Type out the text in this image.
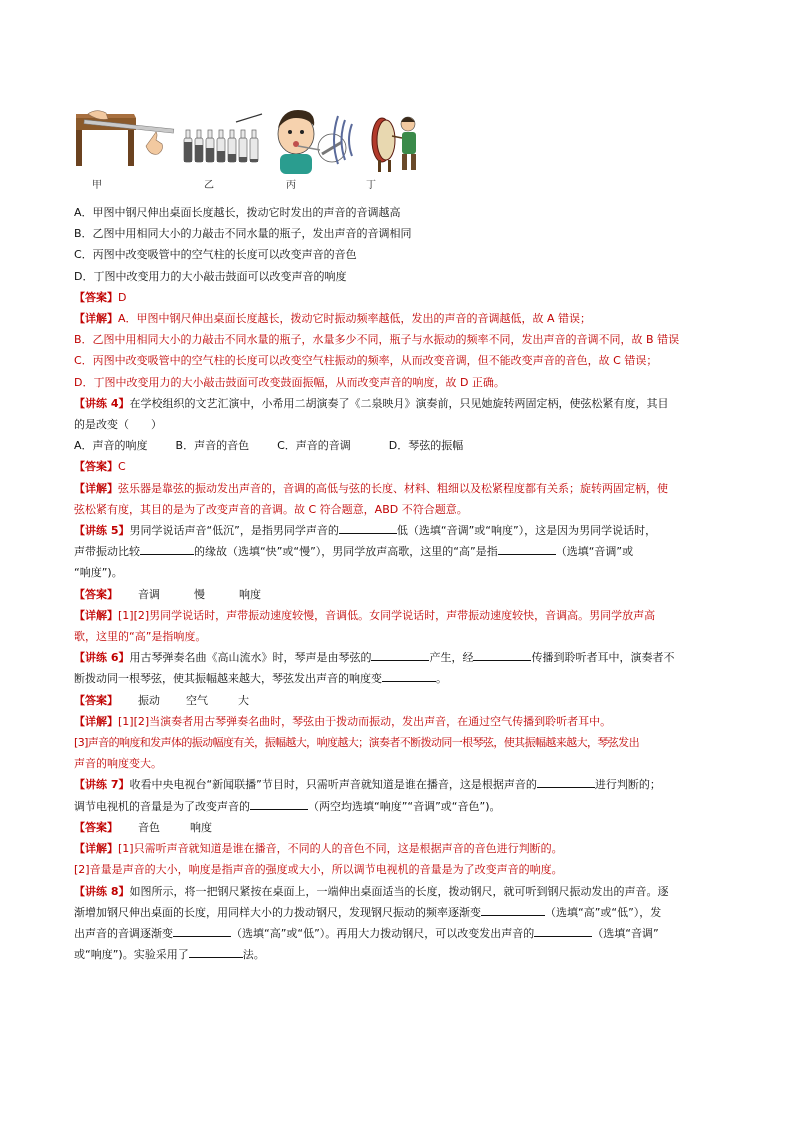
甲	乙	丙	丁
A．甲图中钢尺伸出桌面长度越长，拨动它时发出的声音的音调越高
B．乙图中用相同大小的力敲击不同水量的瓶子，发出声音的音调相同
C．丙图中改变吸管中的空气柱的长度可以改变声音的音色
D．丁图中改变用力的大小敲击鼓面可以改变声音的响度
【答案】D
【详解】A．甲图中钢尺伸出桌面长度越长，拨动它时振动频率越低，发出的声音的音调越低，故 A 错误；
B．乙图中用相同大小的力敲击不同水量的瓶子，水量多少不同，瓶子与水振动的频率不同，发出声音的音调不同，故 B 错误
C．丙图中改变吸管中的空气柱的长度可以改变空气柱振动的频率，从而改变音调，但不能改变声音的音色，故 C 错误；
D．丁图中改变用力的大小敲击鼓面可改变鼓面振幅，从而改变声音的响度，故 D 正确。
【讲练 4】在学校组织的文艺汇演中，小希用二胡演奏了《二泉映月》演奏前，只见她旋转两固定柄，使弦松紧有度，其目
的是改变（　　）
A．声音的响度	B．声音的音色	C．声音的音调	D．琴弦的振幅
【答案】C
【详解】弦乐器是靠弦的振动发出声音的，音调的高低与弦的长度、材料、粗细以及松紧程度都有关系；旋转两固定柄，使
弦松紧有度，其目的是为了改变声音的音调。故 C 符合题意，ABD 不符合题意。
【讲练 5】男同学说话声音“低沉”，是指男同学声音的	低（选填“音调”或“响度”），这是因为男同学说话时，
声带振动比较	的缘故（选填“快”或“慢”），男同学放声高歌，这里的“高”是指	（选填“音调”或
“响度”)。
【答案】 音调	慢	响度
【详解】[1][2]男同学说话时，声带振动速度较慢，音调低。女同学说话时，声带振动速度较快，音调高。男同学放声高
歌，这里的“高”是指响度。
【讲练 6】用古琴弹奏名曲《高山流水》时，琴声是由琴弦的	产生，经	传播到聆听者耳中，演奏者不
断拨动同一根琴弦，使其振幅越来越大，琴弦发出声音的响度变	。
【答案】 振动 空气	大
【详解】[1][2]当演奏者用古琴弹奏名曲时，琴弦由于拨动而振动，发出声音，在通过空气传播到聆听者耳中。
[3]声音的响度和发声体的振动幅度有关，振幅越大，响度越大；演奏者不断拨动同一根琴弦，使其振幅越来越大，琴弦发出
声音的响度变大。
【讲练 7】收看中央电视台“新闻联播”节目时，只需听声音就知道是谁在播音，这是根据声音的	进行判断的；
调节电视机的音量是为了改变声音的	（两空均选填“响度”“音调”或“音色”)。
【答案】 音色	响度
【详解】[1]只需听声音就知道是谁在播音，不同的人的音色不同，这是根据声音的音色进行判断的。
[2]音量是声音的大小，响度是指声音的强度或大小，所以调节电视机的音量是为了改变声音的响度。
【讲练 8】如图所示，将一把钢尺紧按在桌面上，一端伸出桌面适当的长度，拨动钢尺，就可听到钢尺振动发出的声音。逐
渐增加钢尺伸出桌面的长度，用同样大小的力拨动钢尺，发现钢尺振动的频率逐渐变	（选填“高”或“低”），发
出声音的音调逐渐变	（选填“高”或“低”）。再用大力拨动钢尺，可以改变发出声音的	（选填“音调”
或“响度”)。实验采用了	法。
